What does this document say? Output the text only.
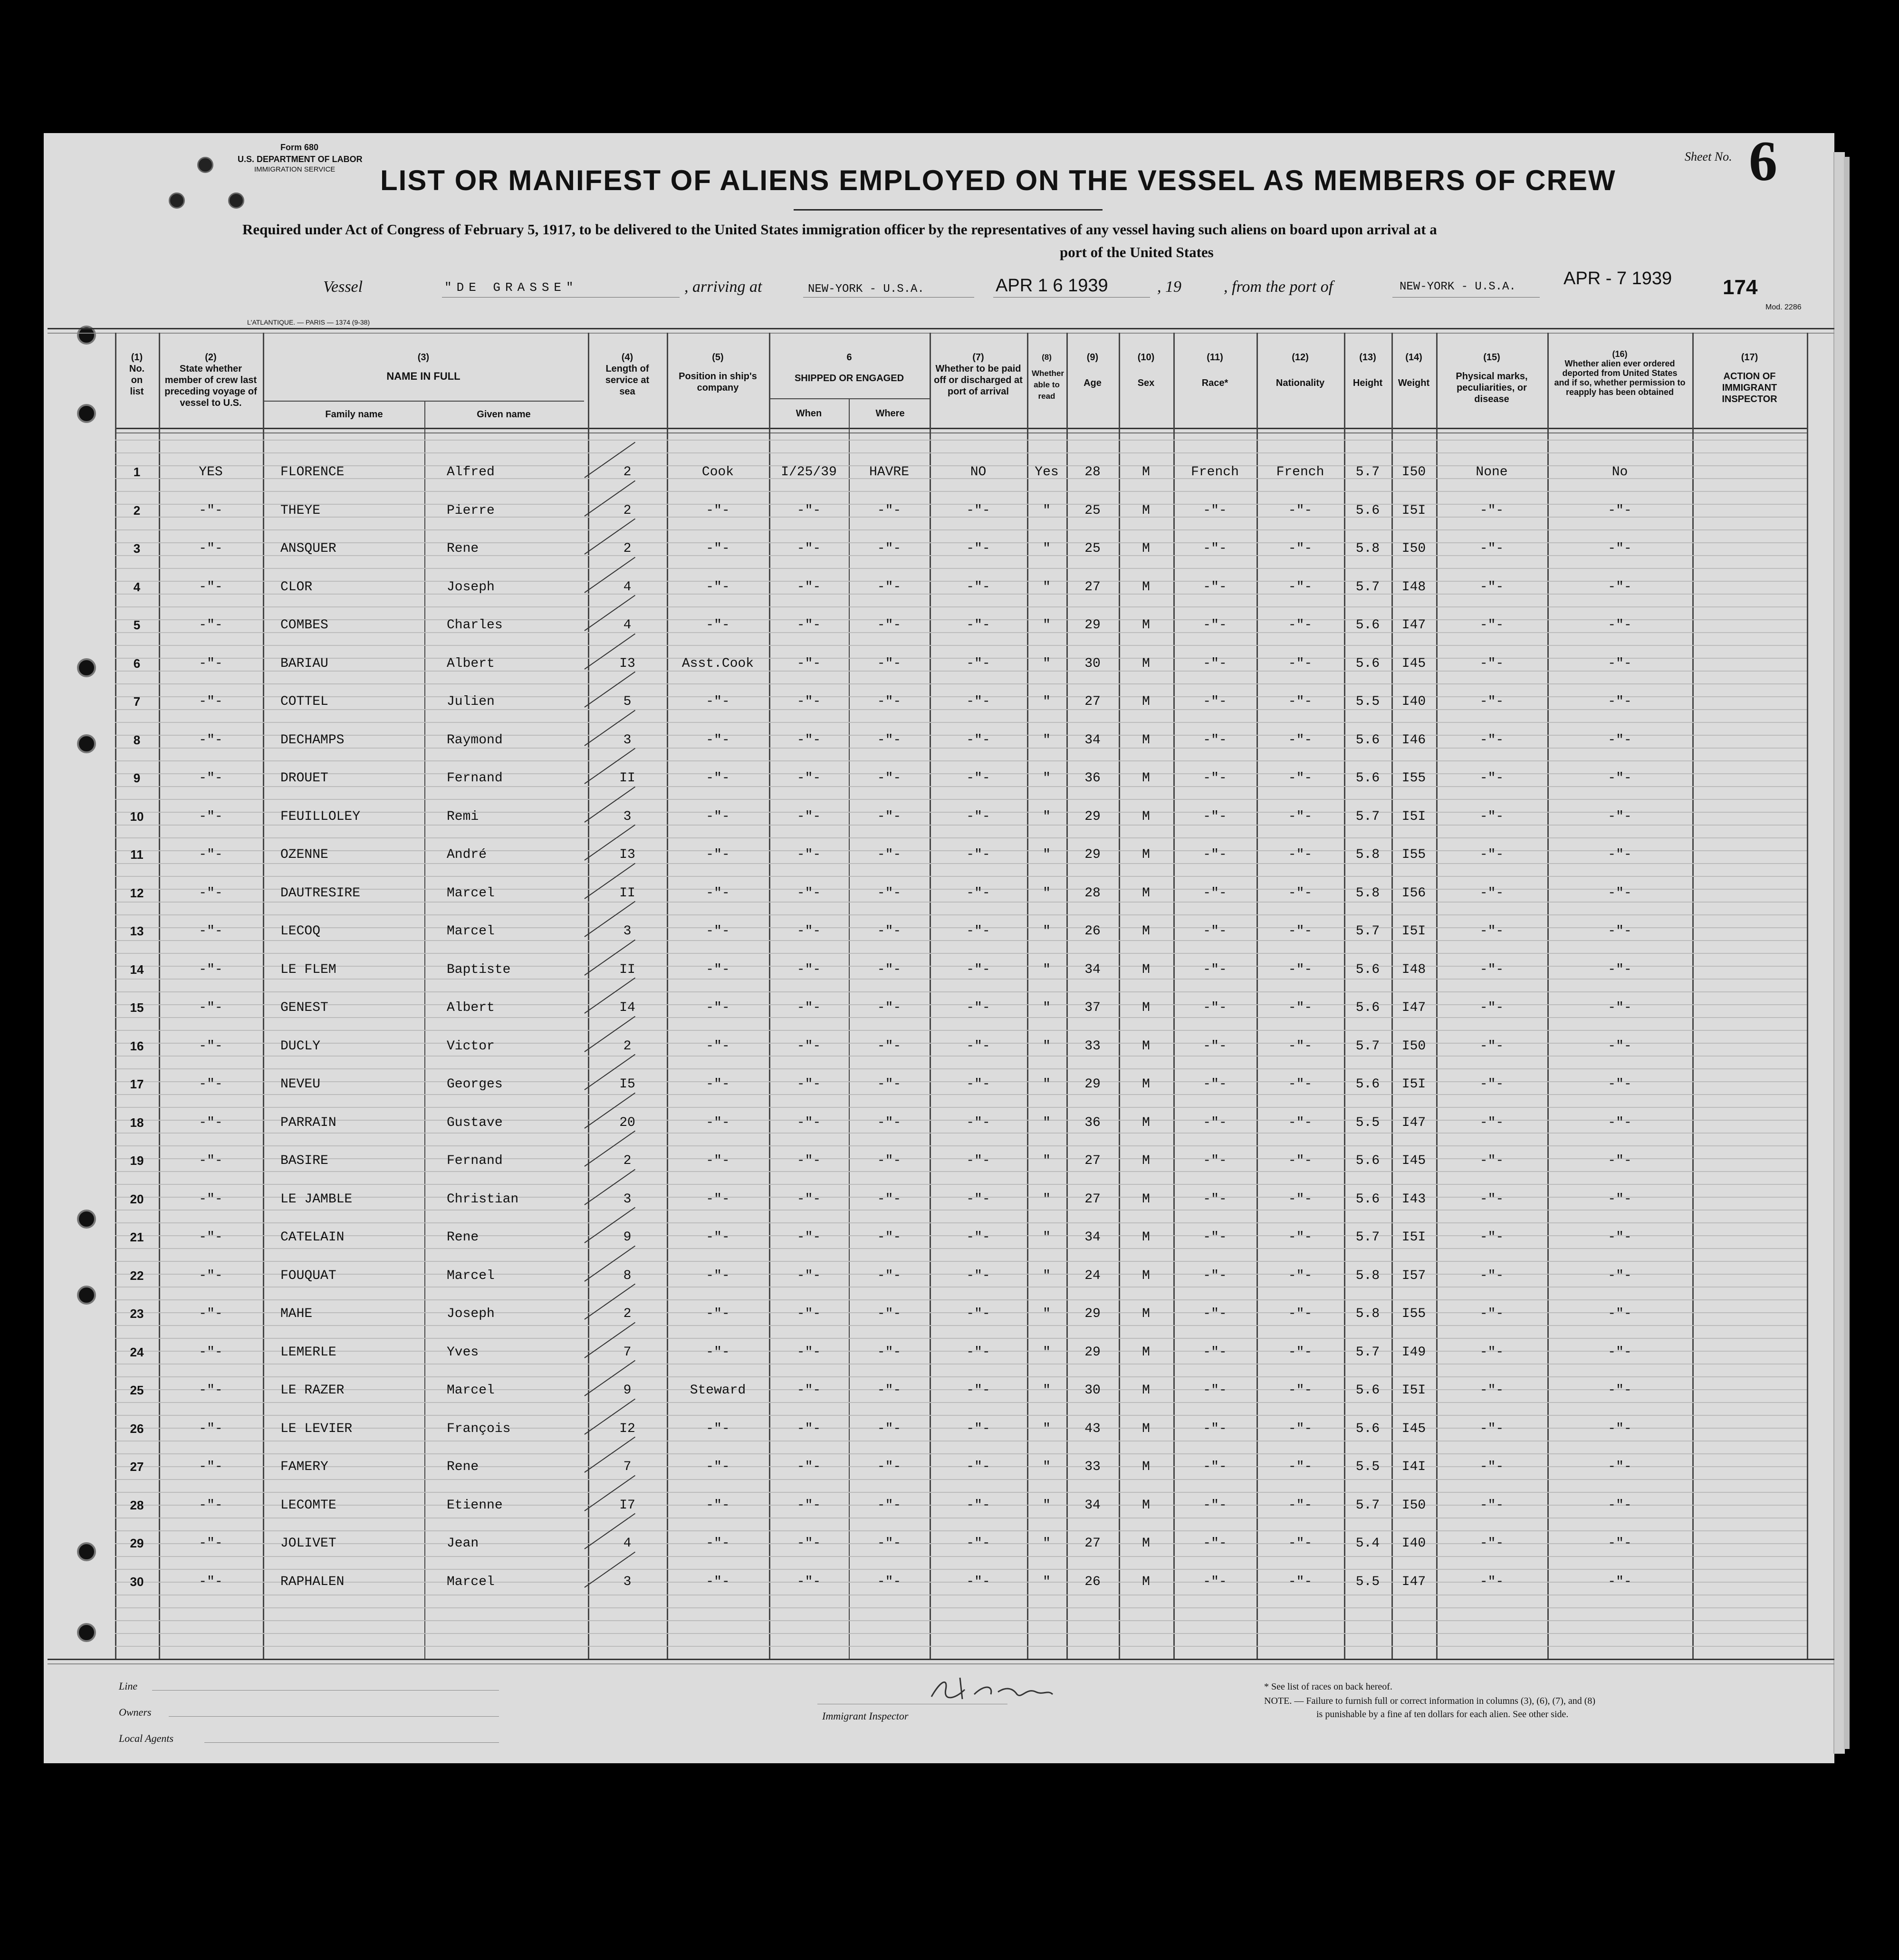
Form 680
U.S. DEPARTMENT OF LABOR
IMMIGRATION SERVICE LIST OR MANIFEST OF ALIENS EMPLOYED ON THE VESSEL AS MEMBERS OF CREW
Sheet No. 6
Required under Act of Congress of February 5, 1917, to be delivered to the United States immigration officer by the representatives of any vessel having such aliens on board upon arrival at a
port of the United States
Vessel	"DE GRASSE"	, arriving at	NEW-YORK - U.S.A.	APR 1 6 1939	, 19	, from the port of	NEW-YORK - U.S.A.	APR - 7 1939 174
Mod. 2286
L'ATLANTIQUE. — PARIS — 1374 (9-38)
(1)
No. on list
(2)
State whether member of crew last preceding voyage of vessel to U.S.
(3)
NAME IN FULL
Family name	Given name
(4)
Length of service at sea
(5)
Position in ship's company
6
SHIPPED OR ENGAGED
When	Where
(7)
Whether to be paid off or discharged at port of arrival
(8)
Whether able to read
(9)
Age
(10)
Sex
(11)
Race*
(12)
Nationality
(13)
Height
(14)
Weight
(15)
Physical marks, peculiarities, or disease
(16)
Whether alien ever ordered deported from United States and if so, whether permission to reapply has been obtained
(17)
ACTION OF IMMIGRANT INSPECTOR
1	YES	FLORENCE	Alfred	2	Cook	I/25/39	HAVRE	NO	Yes	28	M	French	French	5.7	I50	None	No
2	-"-	THEYE	Pierre	2	-"-	-"-	-"-	-"-	"	25	M	-"-	-"-	5.6	I5I	-"-	-"-
3	-"-	ANSQUER	Rene	2	-"-	-"-	-"-	-"-	"	25	M	-"-	-"-	5.8	I50	-"-	-"-
4	-"-	CLOR	Joseph	4	-"-	-"-	-"-	-"-	"	27	M	-"-	-"-	5.7	I48	-"-	-"-
5	-"-	COMBES	Charles	4	-"-	-"-	-"-	-"-	"	29	M	-"-	-"-	5.6	I47	-"-	-"-
6	-"-	BARIAU	Albert	I3	Asst.Cook	-"-	-"-	-"-	"	30	M	-"-	-"-	5.6	I45	-"-	-"-
7	-"-	COTTEL	Julien	5	-"-	-"-	-"-	-"-	"	27	M	-"-	-"-	5.5	I40	-"-	-"-
8	-"-	DECHAMPS	Raymond	3	-"-	-"-	-"-	-"-	"	34	M	-"-	-"-	5.6	I46	-"-	-"-
9	-"-	DROUET	Fernand	II	-"-	-"-	-"-	-"-	"	36	M	-"-	-"-	5.6	I55	-"-	-"-
10	-"-	FEUILLOLEY	Remi	3	-"-	-"-	-"-	-"-	"	29	M	-"-	-"-	5.7	I5I	-"-	-"-
11	-"-	OZENNE	André	I3	-"-	-"-	-"-	-"-	"	29	M	-"-	-"-	5.8	I55	-"-	-"-
12	-"-	DAUTRESIRE	Marcel	II	-"-	-"-	-"-	-"-	"	28	M	-"-	-"-	5.8	I56	-"-	-"-
13	-"-	LECOQ	Marcel	3	-"-	-"-	-"-	-"-	"	26	M	-"-	-"-	5.7	I5I	-"-	-"-
14	-"-	LE FLEM	Baptiste	II	-"-	-"-	-"-	-"-	"	34	M	-"-	-"-	5.6	I48	-"-	-"-
15	-"-	GENEST	Albert	I4	-"-	-"-	-"-	-"-	"	37	M	-"-	-"-	5.6	I47	-"-	-"-
16	-"-	DUCLY	Victor	2	-"-	-"-	-"-	-"-	"	33	M	-"-	-"-	5.7	I50	-"-	-"-
17	-"-	NEVEU	Georges	I5	-"-	-"-	-"-	-"-	"	29	M	-"-	-"-	5.6	I5I	-"-	-"-
18	-"-	PARRAIN	Gustave	20	-"-	-"-	-"-	-"-	"	36	M	-"-	-"-	5.5	I47	-"-	-"-
19	-"-	BASIRE	Fernand	2	-"-	-"-	-"-	-"-	"	27	M	-"-	-"-	5.6	I45	-"-	-"-
20	-"-	LE JAMBLE	Christian	3	-"-	-"-	-"-	-"-	"	27	M	-"-	-"-	5.6	I43	-"-	-"-
21	-"-	CATELAIN	Rene	9	-"-	-"-	-"-	-"-	"	34	M	-"-	-"-	5.7	I5I	-"-	-"-
22	-"-	FOUQUAT	Marcel	8	-"-	-"-	-"-	-"-	"	24	M	-"-	-"-	5.8	I57	-"-	-"-
23	-"-	MAHE	Joseph	2	-"-	-"-	-"-	-"-	"	29	M	-"-	-"-	5.8	I55	-"-	-"-
24	-"-	LEMERLE	Yves	7	-"-	-"-	-"-	-"-	"	29	M	-"-	-"-	5.7	I49	-"-	-"-
25	-"-	LE RAZER	Marcel	9	Steward	-"-	-"-	-"-	"	30	M	-"-	-"-	5.6	I5I	-"-	-"-
26	-"-	LE LEVIER	François	I2	-"-	-"-	-"-	-"-	"	43	M	-"-	-"-	5.6	I45	-"-	-"-
27	-"-	FAMERY	Rene	7	-"-	-"-	-"-	-"-	"	33	M	-"-	-"-	5.5	I4I	-"-	-"-
28	-"-	LECOMTE	Etienne	I7	-"-	-"-	-"-	-"-	"	34	M	-"-	-"-	5.7	I50	-"-	-"-
29	-"-	JOLIVET	Jean	4	-"-	-"-	-"-	-"-	"	27	M	-"-	-"-	5.4	I40	-"-	-"-
30	-"-	RAPHALEN	Marcel	3	-"-	-"-	-"-	-"-	"	26	M	-"-	-"-	5.5	I47	-"-	-"-
Line
Owners
Local Agents
Immigrant Inspector
* See list of races on back hereof.
NOTE. — Failure to furnish full or correct information in columns (3), (6), (7), and (8)
is punishable by a fine af ten dollars for each alien. See other side.
